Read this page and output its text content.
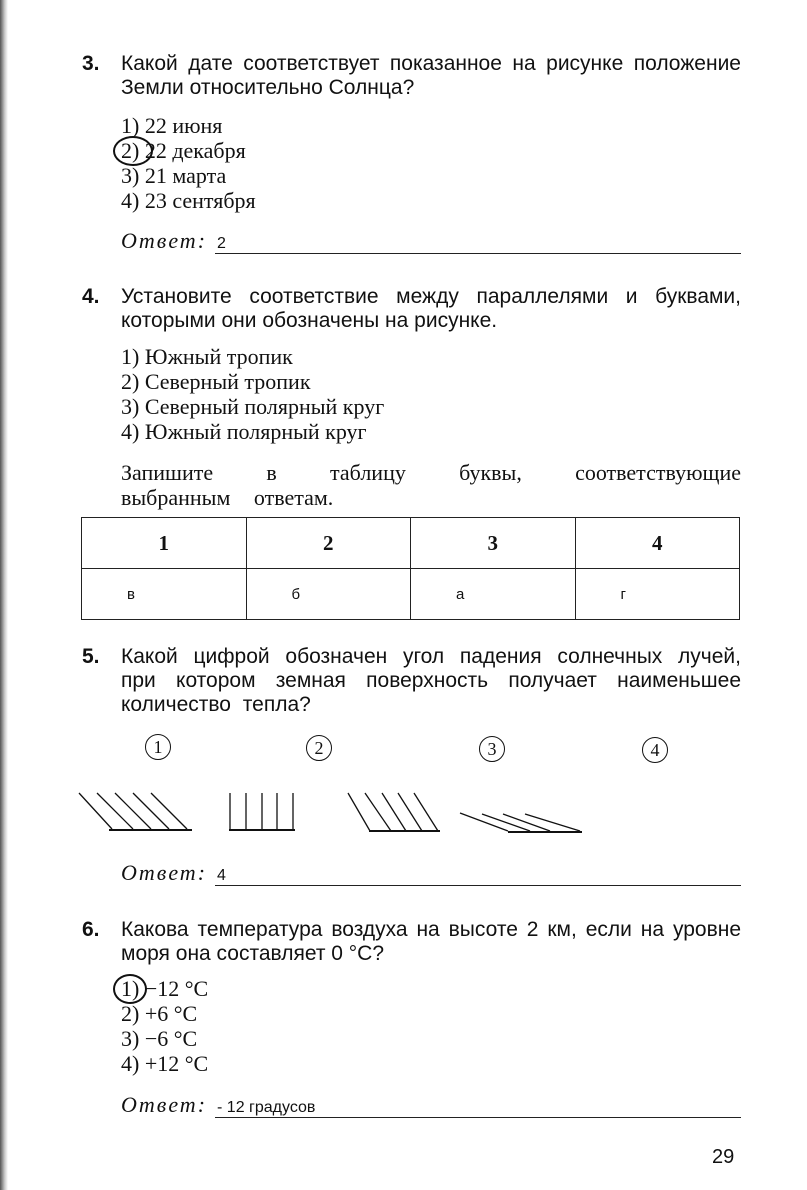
3. Какой дате соответствует показанное на рисунке положение Земли относительно Солнца?
1) 22 июня
2) 22 декабря
3) 21 марта
4) 23 сентября
Ответ: 2
4. Установите соответствие между параллелями и буквами, которыми они обозначены на рисунке.
1) Южный тропик
2) Северный тропик
3) Северный полярный круг
4) Южный полярный круг
Запишите в таблицу буквы, соответствующие выбранным ответам.
1	2	3	4
в	б	а	г
5. Какой цифрой обозначен угол падения солнечных лучей, при котором земная поверхность получает наименьшее количество тепла?
1	2	3	4
Ответ: 4
6. Какова температура воздуха на высоте 2 км, если на уровне моря она составляет 0 °С?
1) −12 °С
2) +6 °С
3) −6 °С
4) +12 °С
Ответ: - 12 градусов
29
